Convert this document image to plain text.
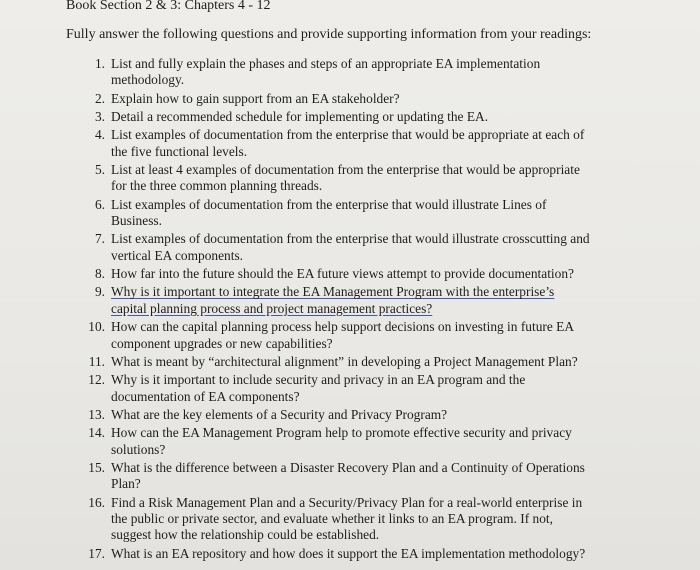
Book Section 2 & 3: Chapters 4 - 12
Fully answer the following questions and provide supporting information from your readings:
1. List and fully explain the phases and steps of an appropriate EA implementation
methodology.
2. Explain how to gain support from an EA stakeholder?
3. Detail a recommended schedule for implementing or updating the EA.
4. List examples of documentation from the enterprise that would be appropriate at each of
the five functional levels.
5. List at least 4 examples of documentation from the enterprise that would be appropriate
for the three common planning threads.
6. List examples of documentation from the enterprise that would illustrate Lines of
Business.
7. List examples of documentation from the enterprise that would illustrate crosscutting and
vertical EA components.
8. How far into the future should the EA future views attempt to provide documentation?
9. Why is it important to integrate the EA Management Program with the enterprise’s
capital planning process and project management practices?
10. How can the capital planning process help support decisions on investing in future EA
component upgrades or new capabilities?
11. What is meant by “architectural alignment” in developing a Project Management Plan?
12. Why is it important to include security and privacy in an EA program and the
documentation of EA components?
13. What are the key elements of a Security and Privacy Program?
14. How can the EA Management Program help to promote effective security and privacy
solutions?
15. What is the difference between a Disaster Recovery Plan and a Continuity of Operations
Plan?
16. Find a Risk Management Plan and a Security/Privacy Plan for a real-world enterprise in
the public or private sector, and evaluate whether it links to an EA program. If not,
suggest how the relationship could be established.
17. What is an EA repository and how does it support the EA implementation methodology?
